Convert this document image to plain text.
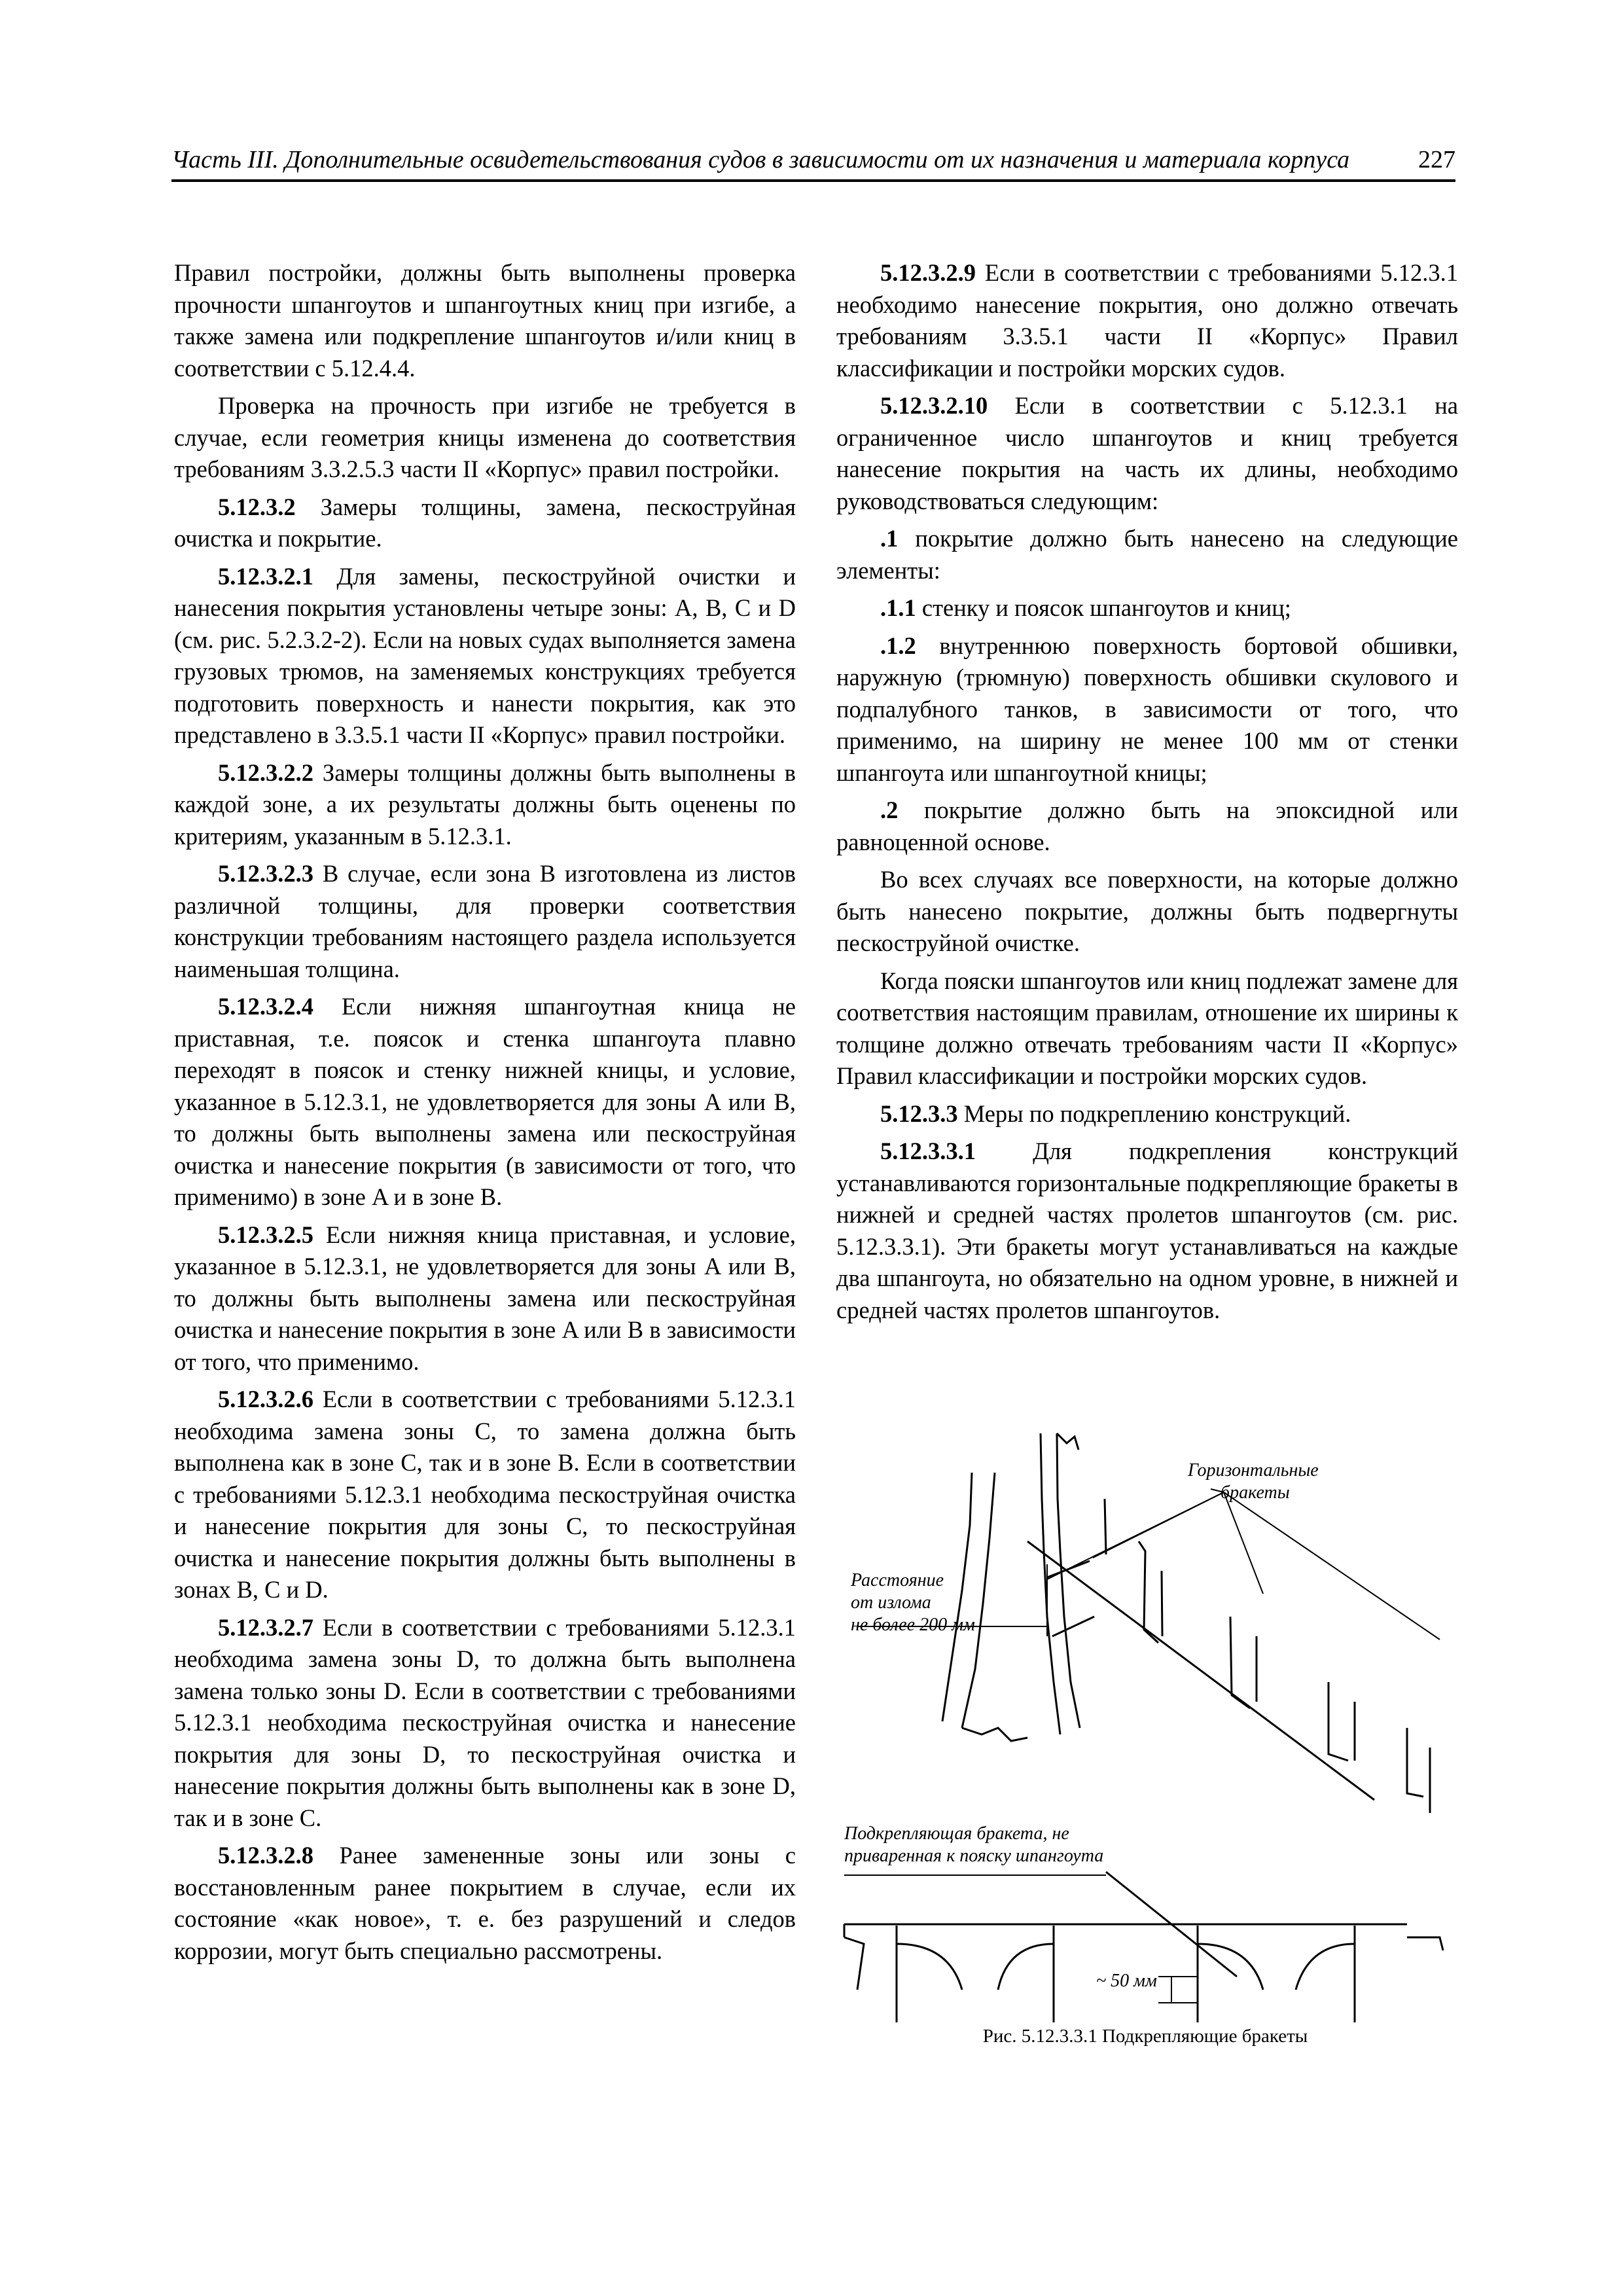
Часть III. Дополнительные освидетельствования судов в зависимости от их назначения и материала корпуса	227

Правил постройки, должны быть выполнены проверка прочности шпангоутов и шпангоутных книц при изгибе, а также замена или подкрепление шпангоутов и/или книц в соответствии с 5.12.4.4.

Проверка на прочность при изгибе не требуется в случае, если геометрия кницы изменена до соответствия требованиям 3.3.2.5.3 части II «Корпус» правил постройки.

5.12.3.2 Замеры толщины, замена, пескоструйная очистка и покрытие.

5.12.3.2.1 Для замены, пескоструйной очистки и нанесения покрытия установлены четыре зоны: A, B, C и D (см. рис. 5.2.3.2-2). Если на новых судах выполняется замена грузовых трюмов, на заменяемых конструкциях требуется подготовить поверхность и нанести покрытия, как это представлено в 3.3.5.1 части II «Корпус» правил постройки.

5.12.3.2.2 Замеры толщины должны быть выполнены в каждой зоне, а их результаты должны быть оценены по критериям, указанным в 5.12.3.1.

5.12.3.2.3 В случае, если зона B изготовлена из листов различной толщины, для проверки соответствия конструкции требованиям настоящего раздела используется наименьшая толщина.

5.12.3.2.4 Если нижняя шпангоутная кница не приставная, т.е. поясок и стенка шпангоута плавно переходят в поясок и стенку нижней кницы, и условие, указанное в 5.12.3.1, не удовлетворяется для зоны A или B, то должны быть выполнены замена или пескоструйная очистка и нанесение покрытия (в зависимости от того, что применимо) в зоне A и в зоне B.

5.12.3.2.5 Если нижняя кница приставная, и условие, указанное в 5.12.3.1, не удовлетворяется для зоны A или B, то должны быть выполнены замена или пескоструйная очистка и нанесение покрытия в зоне A или B в зависимости от того, что применимо.

5.12.3.2.6 Если в соответствии с требованиями 5.12.3.1 необходима замена зоны C, то замена должна быть выполнена как в зоне C, так и в зоне B. Если в соответствии с требованиями 5.12.3.1 необходима пескоструйная очистка и нанесение покрытия для зоны C, то пескоструйная очистка и нанесение покрытия должны быть выполнены в зонах B, C и D.

5.12.3.2.7 Если в соответствии с требованиями 5.12.3.1 необходима замена зоны D, то должна быть выполнена замена только зоны D. Если в соответствии с требованиями 5.12.3.1 необходима пескоструйная очистка и нанесение покрытия для зоны D, то пескоструйная очистка и нанесение покрытия должны быть выполнены как в зоне D, так и в зоне C.

5.12.3.2.8 Ранее замененные зоны или зоны с восстановленным ранее покрытием в случае, если их состояние «как новое», т. е. без разрушений и следов коррозии, могут быть специально рассмотрены.

5.12.3.2.9 Если в соответствии с требованиями 5.12.3.1 необходимо нанесение покрытия, оно должно отвечать требованиям 3.3.5.1 части II «Корпус» Правил классификации и постройки морских судов.

5.12.3.2.10 Если в соответствии с 5.12.3.1 на ограниченное число шпангоутов и книц требуется нанесение покрытия на часть их длины, необходимо руководствоваться следующим:

.1 покрытие должно быть нанесено на следующие элементы:

.1.1 стенку и поясок шпангоутов и книц;

.1.2 внутреннюю поверхность бортовой обшивки, наружную (трюмную) поверхность обшивки скулового и подпалубного танков, в зависимости от того, что применимо, на ширину не менее 100 мм от стенки шпангоута или шпангоутной кницы;

.2 покрытие должно быть на эпоксидной или равноценной основе.

Во всех случаях все поверхности, на которые должно быть нанесено покрытие, должны быть подвергнуты пескоструйной очистке.

Когда пояски шпангоутов или книц подлежат замене для соответствия настоящим правилам, отношение их ширины к толщине должно отвечать требованиям части II «Корпус» Правил классификации и постройки морских судов.

5.12.3.3 Меры по подкреплению конструкций.

5.12.3.3.1 Для подкрепления конструкций устанавливаются горизонтальные подкрепляющие бракеты в нижней и средней частях пролетов шпангоутов (см. рис. 5.12.3.3.1). Эти бракеты могут устанавливаться на каждые два шпангоута, но обязательно на одном уровне, в нижней и средней частях пролетов шпангоутов.

Горизонтальные
бракеты
Расстояние
от излома
не более 200 мм
Подкрепляющая бракета, не
приваренная к пояску шпангоута
~ 50 мм
Рис. 5.12.3.3.1 Подкрепляющие бракеты
